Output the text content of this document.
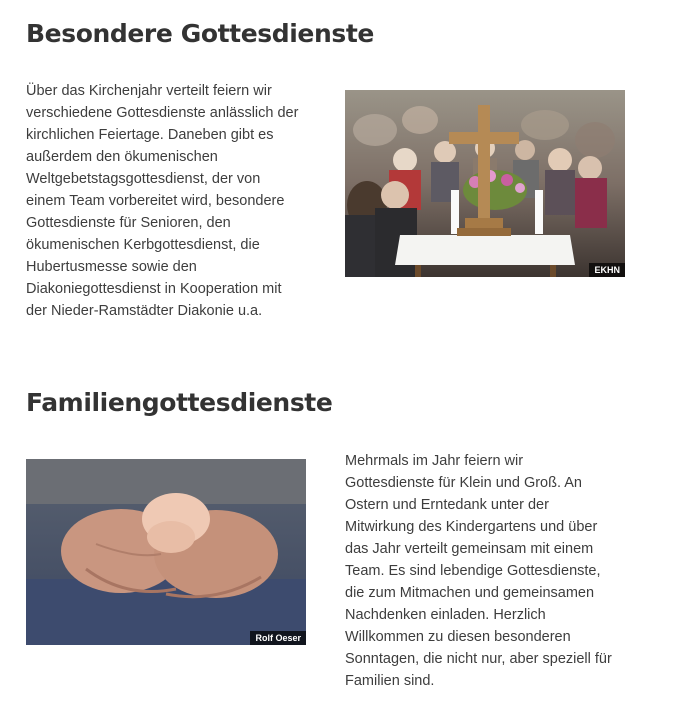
Besondere Gottesdienste
Über das Kirchenjahr verteilt feiern wir
verschiedene Gottesdienste anlässlich der
kirchlichen Feiertage. Daneben gibt es
außerdem den ökumenischen
Weltgebetstagsgottesdienst, der von
einem Team vorbereitet wird, besondere
Gottesdienste für Senioren, den
ökumenischen Kerbgottesdienst, die
Hubertusmesse sowie den
Diakoniegottesdienst in Kooperation mit
der Nieder-Ramstädter Diakonie u.a.
EKHN
Familiengottesdienste
Rolf Oeser
Mehrmals im Jahr feiern wir
Gottesdienste für Klein und Groß. An
Ostern und Erntedank unter der
Mitwirkung des Kindergartens und über
das Jahr verteilt gemeinsam mit einem
Team. Es sind lebendige Gottesdienste,
die zum Mitmachen und gemeinsamen
Nachdenken einladen. Herzlich
Willkommen zu diesen besonderen
Sonntagen, die nicht nur, aber speziell für
Familien sind.
